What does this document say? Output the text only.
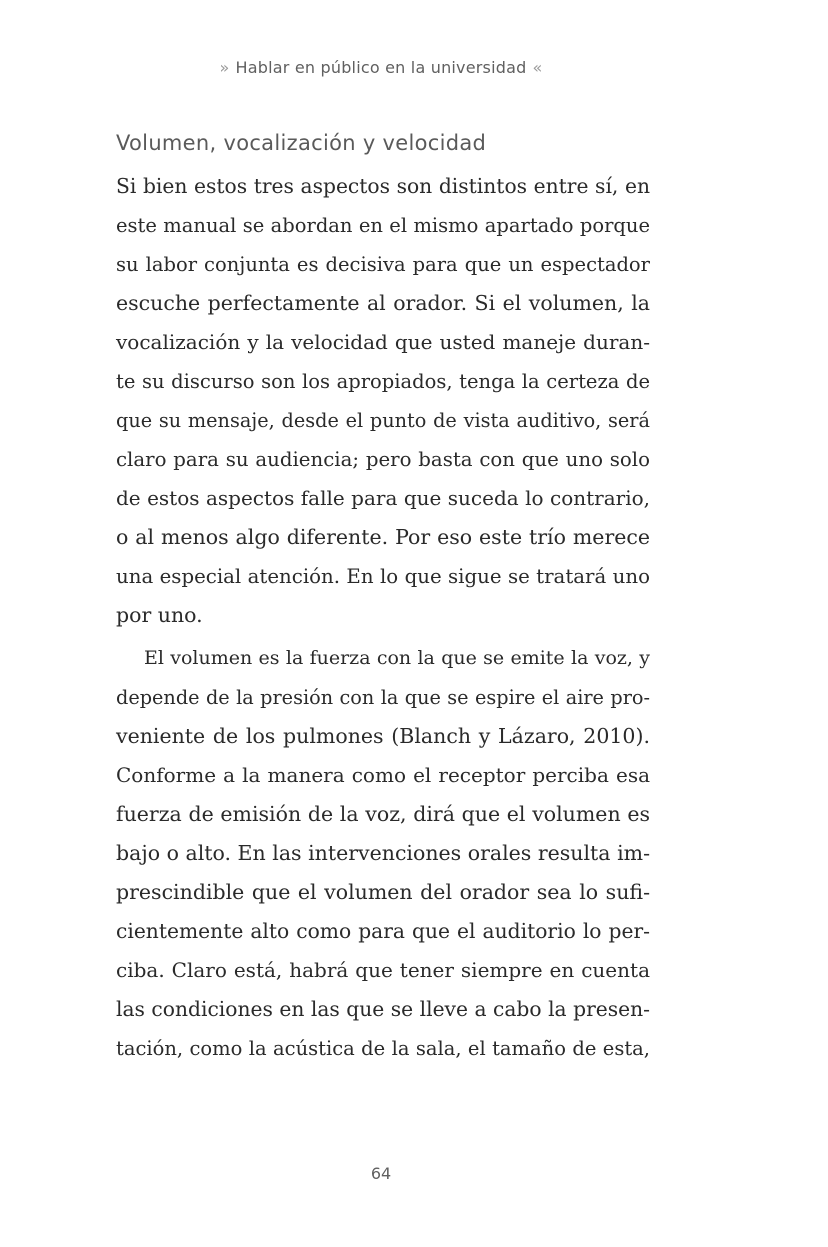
» Hablar en público en la universidad «
Volumen, vocalización y velocidad
Si bien estos tres aspectos son distintos entre sí, en
este manual se abordan en el mismo apartado porque
su labor conjunta es decisiva para que un espectador
escuche perfectamente al orador. Si el volumen, la
vocalización y la velocidad que usted maneje duran-
te su discurso son los apropiados, tenga la certeza de
que su mensaje, desde el punto de vista auditivo, será
claro para su audiencia; pero basta con que uno solo
de estos aspectos falle para que suceda lo contrario,
o al menos algo diferente. Por eso este trío merece
una especial atención. En lo que sigue se tratará uno
por uno.
El volumen es la fuerza con la que se emite la voz, y
depende de la presión con la que se espire el aire pro-
veniente de los pulmones (Blanch y Lázaro, 2010).
Conforme a la manera como el receptor perciba esa
fuerza de emisión de la voz, dirá que el volumen es
bajo o alto. En las intervenciones orales resulta im-
prescindible que el volumen del orador sea lo sufi-
cientemente alto como para que el auditorio lo per-
ciba. Claro está, habrá que tener siempre en cuenta
las condiciones en las que se lleve a cabo la presen-
tación, como la acústica de la sala, el tamaño de esta,
64
